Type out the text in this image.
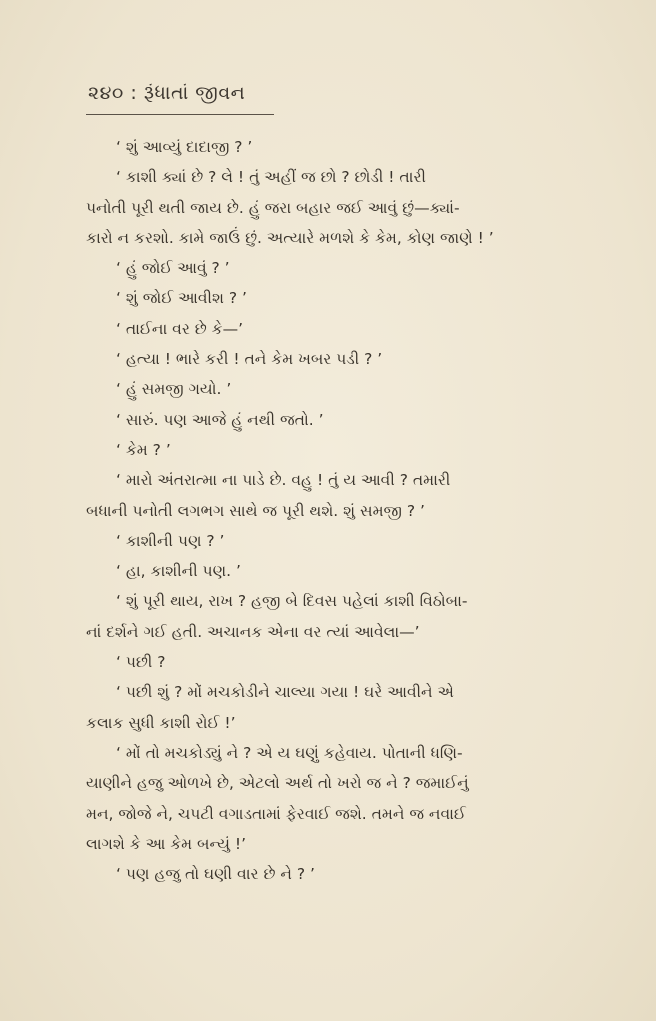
૨૪૦ : રૂંધાતાં જીવન
‘ શું આવ્યું દાદાજી ? ’
‘ કાશી ક્યાં છે ? લે ! તું અહીં જ છો ? છોડી ! તારી
પનોતી પૂરી થતી જાય છે. હું જરા બહાર જઈ આવું છું—ક્યાં-
કારો ન કરશો. કામે જાઉં છું. અત્યારે મળશે કે કેમ, કોણ જાણે ! ’
‘ હું જોઈ આવું ? ’
‘ શું જોઈ આવીશ ? ’
‘ તાઈના વર છે કે—’
‘ હત્યા ! ભારે કરી ! તને કેમ ખબર પડી ? ’
‘ હું સમજી ગયો. ’
‘ સારું. પણ આજે હું નથી જતો. ’
‘ કેમ ? ’
‘ મારો અંતરાત્મા ના પાડે છે. વહુ ! તું ય આવી ? તમારી
બધાની પનોતી લગભગ સાથે જ પૂરી થશે. શું સમજી ? ’
‘ કાશીની પણ ? ’
‘ હા, કાશીની પણ. ’
‘ શું પૂરી થાય, રાખ ? હજી બે દિવસ પહેલાં કાશી વિઠોબા-
નાં દર્શને ગઈ હતી. અચાનક એના વર ત્યાં આવેલા—’
‘ પછી ?
‘ પછી શું ? મોં મચકોડીને ચાલ્યા ગયા ! ઘરે આવીને એ
કલાક સુધી કાશી રોઈ !’
‘ મોં તો મચકોડ્યું ને ? એ ય ઘણું કહેવાય. પોતાની ધણિ-
યાણીને હજુ ઓળખે છે, એટલો અર્થ તો ખરો જ ને ? જમાઈનું
મન, જોજે ને, ચપટી વગાડતામાં ફેરવાઈ જશે. તમને જ નવાઈ
લાગશે કે આ કેમ બન્યું !’
‘ પણ હજુ તો ઘણી વાર છે ને ? ’
